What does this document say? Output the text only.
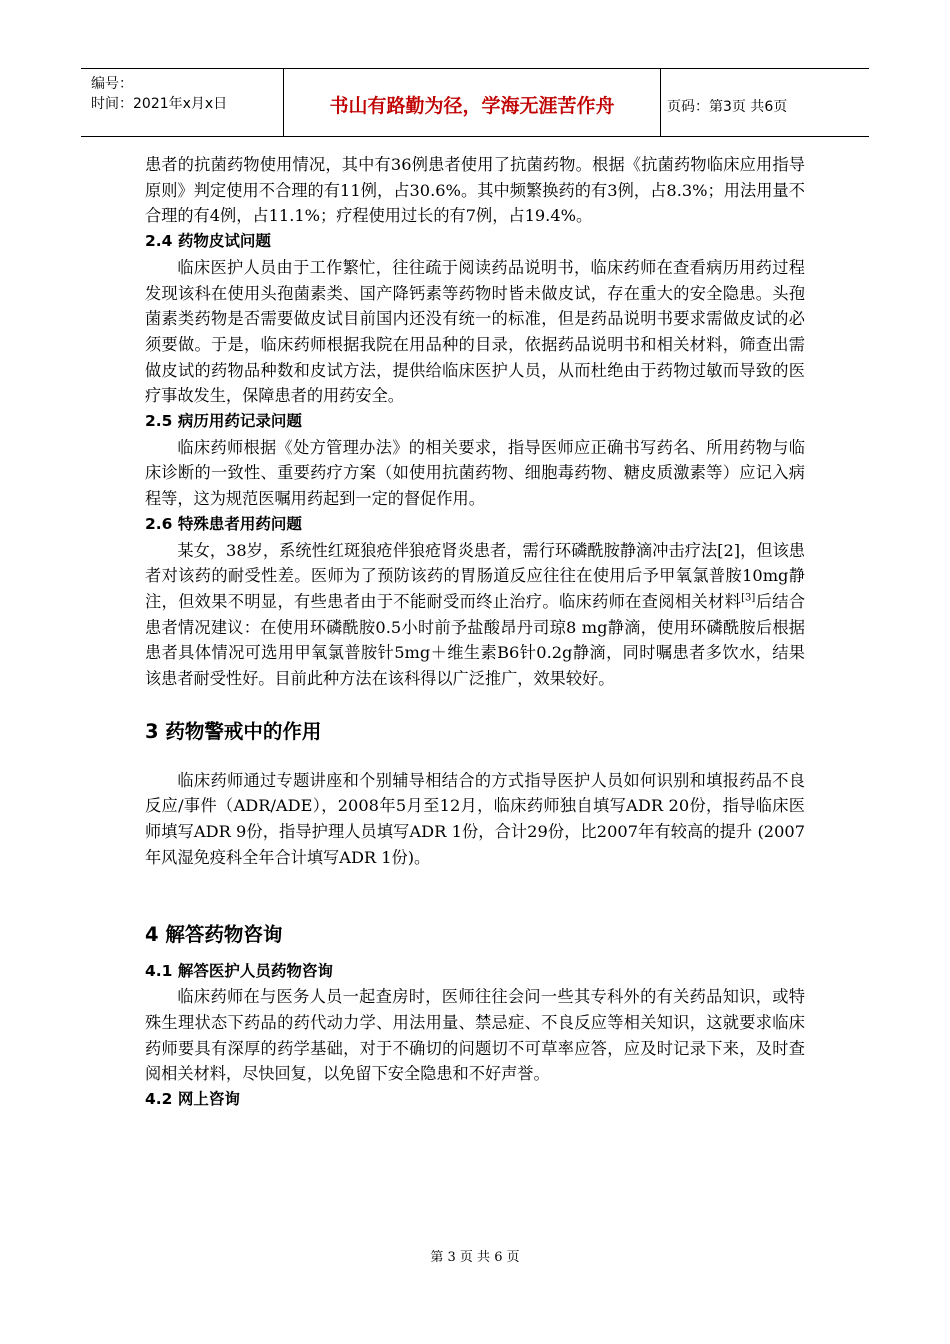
编号：
时间：2021年x月x日	书山有路勤为径，学海无涯苦作舟	页码：第3页 共6页

患者的抗菌药物使用情况，其中有36例患者使用了抗菌药物。根据《抗菌药物临床应用指导原则》判定使用不合理的有11例，占30.6%。其中频繁换药的有3例，占8.3%；用法用量不合理的有4例，占11.1%；疗程使用过长的有7例，占19.4%。

2.4 药物皮试问题

临床医护人员由于工作繁忙，往往疏于阅读药品说明书，临床药师在查看病历用药过程发现该科在使用头孢菌素类、国产降钙素等药物时皆未做皮试，存在重大的安全隐患。头孢菌素类药物是否需要做皮试目前国内还没有统一的标准，但是药品说明书要求需做皮试的必须要做。于是，临床药师根据我院在用品种的目录，依据药品说明书和相关材料，筛查出需做皮试的药物品种数和皮试方法，提供给临床医护人员，从而杜绝由于药物过敏而导致的医疗事故发生，保障患者的用药安全。

2.5 病历用药记录问题

临床药师根据《处方管理办法》的相关要求，指导医师应正确书写药名、所用药物与临床诊断的一致性、重要药疗方案（如使用抗菌药物、细胞毒药物、糖皮质激素等）应记入病程等，这为规范医嘱用药起到一定的督促作用。

2.6 特殊患者用药问题

某女，38岁，系统性红斑狼疮伴狼疮肾炎患者，需行环磷酰胺静滴冲击疗法[2]，但该患者对该药的耐受性差。医师为了预防该药的胃肠道反应往往在使用后予甲氧氯普胺10mg静注，但效果不明显，有些患者由于不能耐受而终止治疗。临床药师在查阅相关材料[3]后结合患者情况建议：在使用环磷酰胺0.5小时前予盐酸昂丹司琼8 mg静滴，使用环磷酰胺后根据患者具体情况可选用甲氧氯普胺针5mg＋维生素B6针0.2g静滴，同时嘱患者多饮水，结果该患者耐受性好。目前此种方法在该科得以广泛推广，效果较好。

3 药物警戒中的作用

临床药师通过专题讲座和个别辅导相结合的方式指导医护人员如何识别和填报药品不良反应/事件（ADR/ADE），2008年5月至12月，临床药师独自填写ADR 20份，指导临床医师填写ADR 9份，指导护理人员填写ADR 1份，合计29份，比2007年有较高的提升 (2007年风湿免疫科全年合计填写ADR 1份)。

4 解答药物咨询
4.1 解答医护人员药物咨询

临床药师在与医务人员一起查房时，医师往往会问一些其专科外的有关药品知识，或特殊生理状态下药品的药代动力学、用法用量、禁忌症、不良反应等相关知识，这就要求临床药师要具有深厚的药学基础，对于不确切的问题切不可草率应答，应及时记录下来，及时查阅相关材料，尽快回复，以免留下安全隐患和不好声誉。

4.2 网上咨询
第 3 页 共 6 页
